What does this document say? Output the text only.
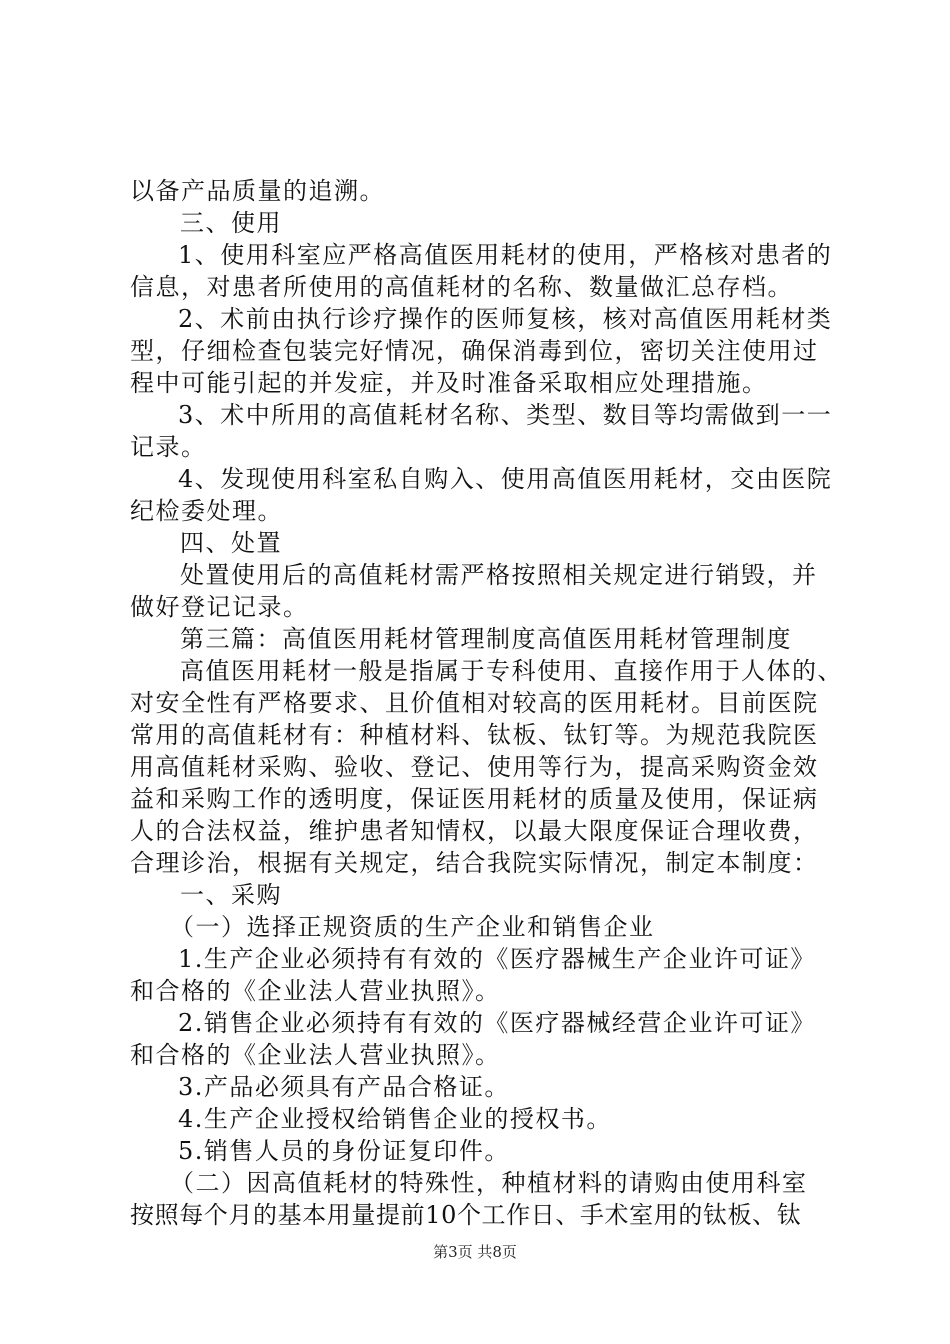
以备产品质量的追溯。
三、使用
1、使用科室应严格高值医用耗材的使用，严格核对患者的
信息，对患者所使用的高值耗材的名称、数量做汇总存档。
2、术前由执行诊疗操作的医师复核，核对高值医用耗材类
型，仔细检查包装完好情况，确保消毒到位，密切关注使用过
程中可能引起的并发症，并及时准备采取相应处理措施。
3、术中所用的高值耗材名称、类型、数目等均需做到一一
记录。
4、发现使用科室私自购入、使用高值医用耗材，交由医院
纪检委处理。
四、处置
处置使用后的高值耗材需严格按照相关规定进行销毁，并
做好登记记录。
第三篇：高值医用耗材管理制度高值医用耗材管理制度
高值医用耗材一般是指属于专科使用、直接作用于人体的、
对安全性有严格要求、且价值相对较高的医用耗材。目前医院
常用的高值耗材有：种植材料、钛板、钛钉等。为规范我院医
用高值耗材采购、验收、登记、使用等行为，提高采购资金效
益和采购工作的透明度，保证医用耗材的质量及使用，保证病
人的合法权益，维护患者知情权，以最大限度保证合理收费，
合理诊治，根据有关规定，结合我院实际情况，制定本制度：
一、采购
（一）选择正规资质的生产企业和销售企业
1.生产企业必须持有有效的《医疗器械生产企业许可证》
和合格的《企业法人营业执照》。
2.销售企业必须持有有效的《医疗器械经营企业许可证》
和合格的《企业法人营业执照》。
3.产品必须具有产品合格证。
4.生产企业授权给销售企业的授权书。
5.销售人员的身份证复印件。
（二）因高值耗材的特殊性，种植材料的请购由使用科室
按照每个月的基本用量提前10个工作日、手术室用的钛板、钛
第3页 共8页
